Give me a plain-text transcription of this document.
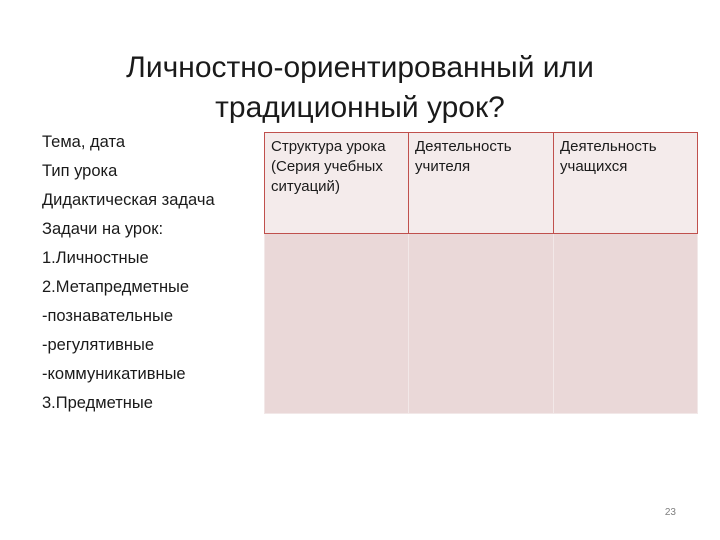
Личностно-ориентированный или
традиционный урок?
Тема, дата
Тип урока
Дидактическая задача
Задачи на урок:
1.Личностные
2.Метапредметные
-познавательные
-регулятивные
-коммуникативные
3.Предметные
Структура урока (Серия учебных ситуаций)	Деятельность учителя	Деятельность учащихся

23
